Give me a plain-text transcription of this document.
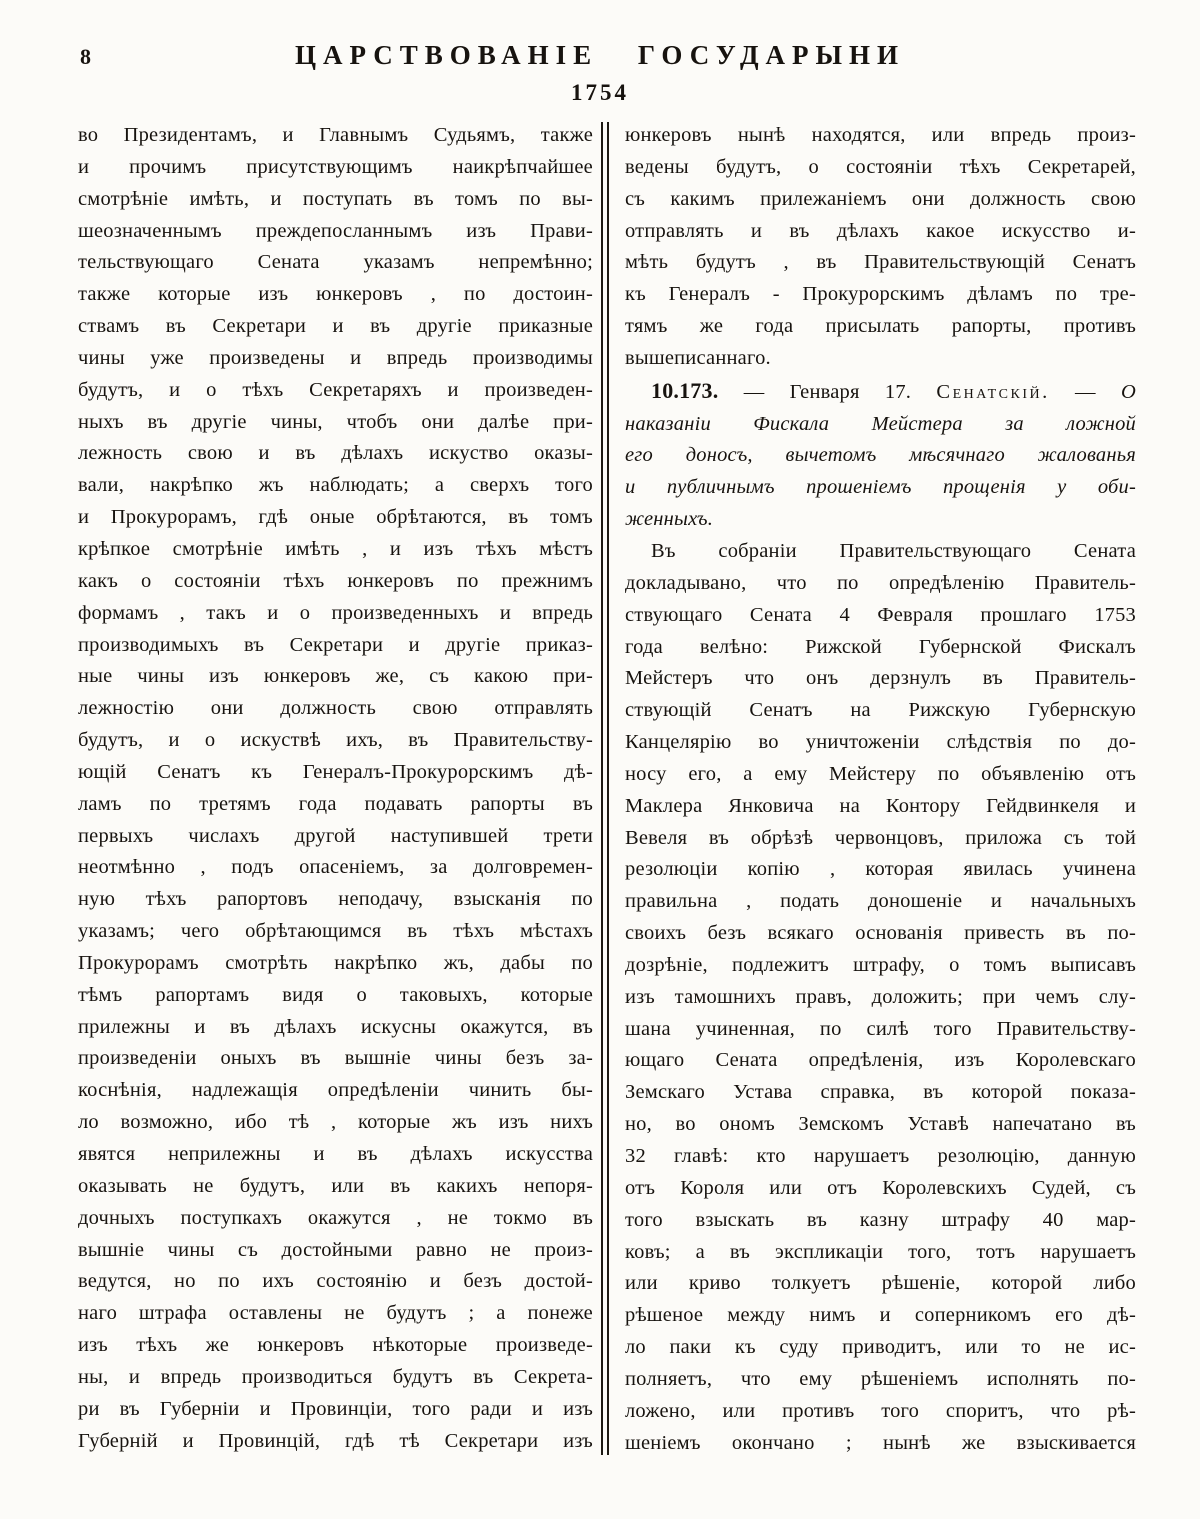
8	ЦАРСТВОВАНІЕ ГОСУДАРЫНИ
1754
во Президентамъ, и Главнымъ Судьямъ, также
и прочимъ присутствующимъ наикрѣпчайшее
смотрѣніе имѣть, и поступать въ томъ по вы-
шеозначеннымъ преждепосланнымъ изъ Прави-
тельствующаго Сената указамъ непремѣнно;
также которые изъ юнкеровъ , по достоин-
ствамъ въ Секретари и въ другіе приказные
чины уже произведены и впредь производимы
будутъ, и о тѣхъ Секретаряхъ и произведен-
ныхъ въ другіе чины, чтобъ они далѣе при-
лежность свою и въ дѣлахъ искуство оказы-
вали, накрѣпко жъ наблюдать; а сверхъ того
и Прокурорамъ, гдѣ оные обрѣтаются, въ томъ
крѣпкое смотрѣніе имѣть , и изъ тѣхъ мѣстъ
какъ о состояніи тѣхъ юнкеровъ по прежнимъ
формамъ , такъ и о произведенныхъ и впредь
производимыхъ въ Секретари и другіе приказ-
ные чины изъ юнкеровъ же, съ какою при-
лежностію они должность свою отправлять
будутъ, и о искуствѣ ихъ, въ Правительству-
ющій Сенатъ къ Генералъ-Прокурорскимъ дѣ-
ламъ по третямъ года подавать рапорты въ
первыхъ числахъ другой наступившей трети
неотмѣнно , подъ опасеніемъ, за долговремен-
ную тѣхъ рапортовъ неподачу, взысканія по
указамъ; чего обрѣтающимся въ тѣхъ мѣстахъ
Прокурорамъ смотрѣть накрѣпко жъ, дабы по
тѣмъ рапортамъ видя о таковыхъ, которые
прилежны и въ дѣлахъ искусны окажутся, въ
произведеніи оныхъ въ вышніе чины безъ за-
коснѣнія, надлежащія опредѣленіи чинить бы-
ло возможно, ибо тѣ , которые жъ изъ нихъ
явятся неприлежны и въ дѣлахъ искусства
оказывать не будутъ, или въ какихъ непоря-
дочныхъ поступкахъ окажутся , не токмо въ
вышніе чины съ достойными равно не произ-
ведутся, но по ихъ состоянію и безъ достой-
наго штрафа оставлены не будутъ ; а понеже
изъ тѣхъ же юнкеровъ нѣкоторые произведе-
ны, и впредь производиться будутъ въ Секрета-
ри въ Губерніи и Провинціи, того ради и изъ
Губерній и Провинцій, гдѣ тѣ Секретари изъ
юнкеровъ нынѣ находятся, или впредь произ-
ведены будутъ, о состояніи тѣхъ Секретарей,
съ какимъ прилежаніемъ они должность свою
отправлять и въ дѣлахъ какое искусство и-
мѣть будутъ , въ Правительствующій Сенатъ
къ Генералъ - Прокурорскимъ дѣламъ по тре-
тямъ же года присылать рапорты, противъ
вышеписаннаго.
10.173. — Генваря 17. Сенатскій. — О
наказаніи Фискала Мейстера за ложной
его доносъ, вычетомъ мѣсячнаго жалованья
и публичнымъ прошеніемъ прощенія у оби-
женныхъ.
Въ собраніи Правительствующаго Сената
докладывано, что по опредѣленію Правитель-
ствующаго Сената 4 Февраля прошлаго 1753
года велѣно: Рижской Губернской Фискалъ
Мейстеръ что онъ дерзнулъ въ Правитель-
ствующій Сенатъ на Рижскую Губернскую
Канцелярію во уничтоженіи слѣдствія по до-
носу его, а ему Мейстеру по объявленію отъ
Маклера Янковича на Контору Гейдвинкеля и
Вевеля въ обрѣзѣ червонцовъ, приложа съ той
резолюціи копію , которая явилась учинена
правильна , подать доношеніе и начальныхъ
своихъ безъ всякаго основанія привесть въ по-
дозрѣніе, подлежитъ штрафу, о томъ выписавъ
изъ тамошнихъ правъ, доложить; при чемъ слу-
шана учиненная, по силѣ того Правительству-
ющаго Сената опредѣленія, изъ Королевскаго
Земскаго Устава справка, въ которой показа-
но, во ономъ Земскомъ Уставѣ напечатано въ
32 главѣ: кто нарушаетъ резолюцію, данную
отъ Короля или отъ Королевскихъ Судей, съ
того взыскать въ казну штрафу 40 мар-
ковъ; а въ экспликаціи того, тотъ нарушаетъ
или криво толкуетъ рѣшеніе, которой либо
рѣшеное между нимъ и соперникомъ его дѣ-
ло паки къ суду приводитъ, или то не ис-
полняетъ, что ему рѣшеніемъ исполнять по-
ложено, или противъ того споритъ, что рѣ-
шеніемъ окончано ; нынѣ же взыскивается
